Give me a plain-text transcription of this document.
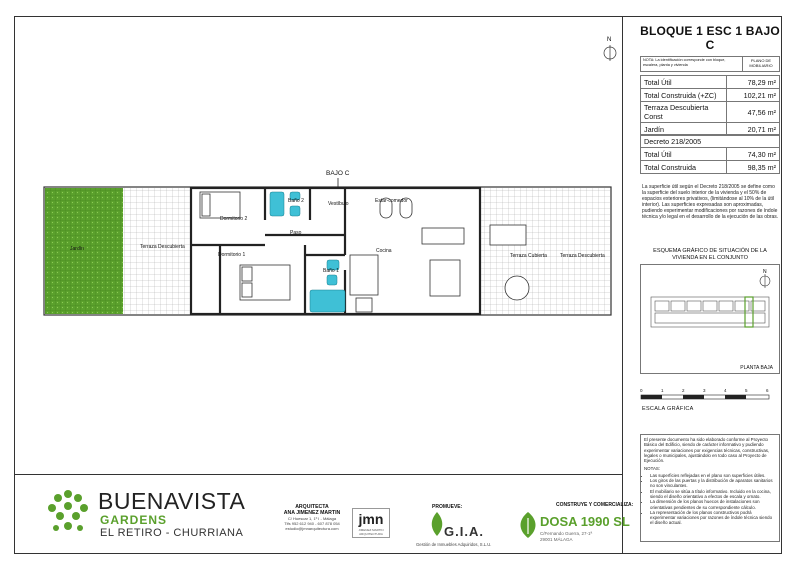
BAJO C
Jardín	Terraza Descubierta
Dormitorio 2
Baño 2	Vestíbulo	Estar-comedor
Paso
Dormitorio 1
Baño 1
Cocina
Terraza Cubierta	Terraza Descubierta
BLOQUE 1 ESC 1 BAJO C
N
NOTA: La identificación corresponde con bloque, escalera, planta y vivienda
PLANO DE MOBILIARIO
Total Útil	78,29 m²
Total Construida (+ZC)	102,21 m²
Terraza Descubierta Const	47,56 m²
Jardín	20,71 m²
Decreto 218/2005	
Total Útil	74,30 m²
Total Construida	98,35 m²
La superficie útil según el Decreto 218/2005 se define como la superficie del suelo interior de la vivienda y el 50% de espacios exteriores privativos, (limitándose al 10% de la útil interior). Las superficies expresadas son aproximadas, pudiendo experimentar modificaciones por razones de índole técnica y/o legal en el desarrollo de la ejecución de las obras.
ESQUEMA GRÁFICO DE SITUACIÓN DE LA VIVIENDA EN EL CONJUNTO
N
PLANTA BAJA
0	1	2	3	4	5	6
ESCALA GRÁFICA

El presente documento ha sido elaborado conforme al Proyecto Básico del Edificio, siendo de carácter informativo y pudiendo experimentar variaciones por exigencias técnicas, constructivas, legales o municipales, ajustándolo en todo caso al Proyecto de Ejecución.

NOTAS:
• Las superficies reflejadas en el plano son superficies útiles.
• Los giros de las puertas y la distribución de aparatos sanitarios no son vinculantes.
• El mobiliario se sitúa a título informativo. Incluido en la cocina, siendo el diseño orientativo a efectos de escala y ornato.
• La dimensión de los planos huecos de instalaciones son orientativas pendientes de su correspondiente cálculo.
• La representación de los planos constructivos podrá experimentar variaciones por razones de índole técnica siendo el diseño actual.
BUENAVISTA
GARDENS
EL RETIRO - CHURRIANA
ARQUITECTA
ANA JIMENEZ MARTIN
C/ Huescar 1, 1º I - Málaga
Tlfs 952 612 940 - 607 878 054
estudio@jmnarquitectura.com
jmn
JIMENEZ MARTIN ARQUITECTURA
PROMUEVE:
G.I.A.
Gestión de Inmuebles Adquiridos, S.L.U.
CONSTRUYE Y COMERCIALIZA:
DOSA 1990 SL
C/Fernando Guerra, 27-1ª
29001 MÁLAGA
